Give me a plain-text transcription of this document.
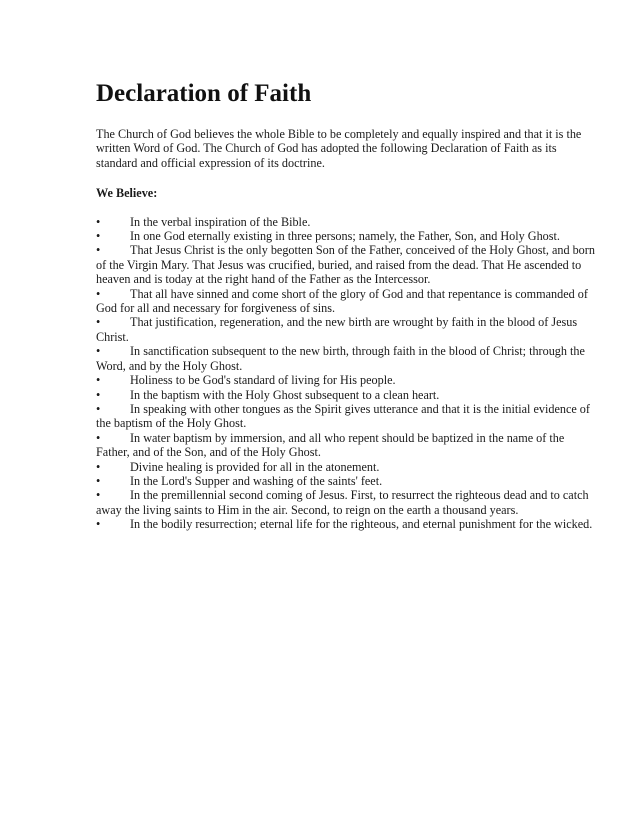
Declaration of Faith

The Church of God believes the whole Bible to be completely and equally inspired and that it is the written Word of God. The Church of God has adopted the following Declaration of Faith as its standard and official expression of its doctrine.

We Believe:

• In the verbal inspiration of the Bible.
• In one God eternally existing in three persons; namely, the Father, Son, and Holy Ghost.
• That Jesus Christ is the only begotten Son of the Father, conceived of the Holy Ghost, and born of the Virgin Mary. That Jesus was crucified, buried, and raised from the dead. That He ascended to heaven and is today at the right hand of the Father as the Intercessor.
• That all have sinned and come short of the glory of God and that repentance is commanded of God for all and necessary for forgiveness of sins.
• That justification, regeneration, and the new birth are wrought by faith in the blood of Jesus Christ.
• In sanctification subsequent to the new birth, through faith in the blood of Christ; through the Word, and by the Holy Ghost.
• Holiness to be God's standard of living for His people.
• In the baptism with the Holy Ghost subsequent to a clean heart.
• In speaking with other tongues as the Spirit gives utterance and that it is the initial evidence of the baptism of the Holy Ghost.
• In water baptism by immersion, and all who repent should be baptized in the name of the Father, and of the Son, and of the Holy Ghost.
• Divine healing is provided for all in the atonement.
• In the Lord's Supper and washing of the saints' feet.
• In the premillennial second coming of Jesus. First, to resurrect the righteous dead and to catch away the living saints to Him in the air. Second, to reign on the earth a thousand years.
• In the bodily resurrection; eternal life for the righteous, and eternal punishment for the wicked.
